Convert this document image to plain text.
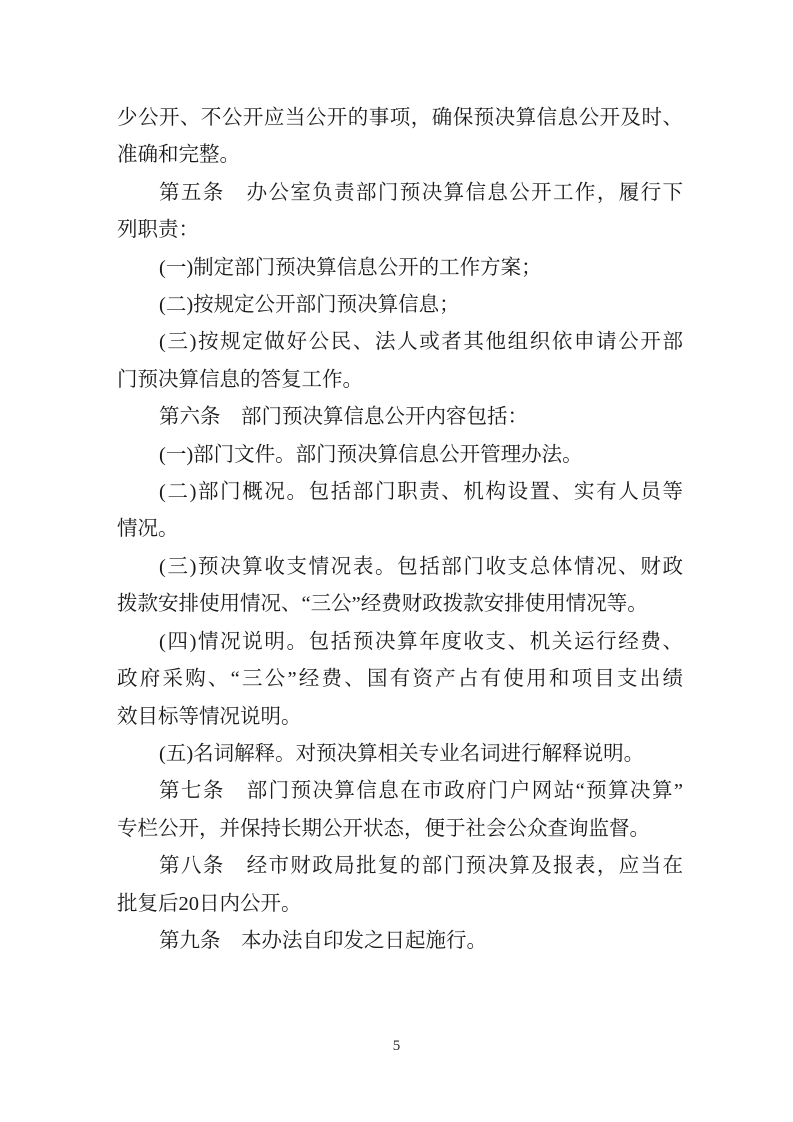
少公开、不公开应当公开的事项，确保预决算信息公开及时、
准确和完整。
第五条　办公室负责部门预决算信息公开工作，履行下
列职责：
(一)制定部门预决算信息公开的工作方案；
(二)按规定公开部门预决算信息；
(三)按规定做好公民、法人或者其他组织依申请公开部
门预决算信息的答复工作。
第六条　部门预决算信息公开内容包括：
(一)部门文件。部门预决算信息公开管理办法。
(二)部门概况。包括部门职责、机构设置、实有人员等
情况。
(三)预决算收支情况表。包括部门收支总体情况、财政
拨款安排使用情况、“三公”经费财政拨款安排使用情况等。
(四)情况说明。包括预决算年度收支、机关运行经费、
政府采购、“三公”经费、国有资产占有使用和项目支出绩
效目标等情况说明。
(五)名词解释。对预决算相关专业名词进行解释说明。
第七条　部门预决算信息在市政府门户网站“预算决算”
专栏公开，并保持长期公开状态，便于社会公众查询监督。
第八条　经市财政局批复的部门预决算及报表，应当在
批复后20日内公开。
第九条　本办法自印发之日起施行。
5
